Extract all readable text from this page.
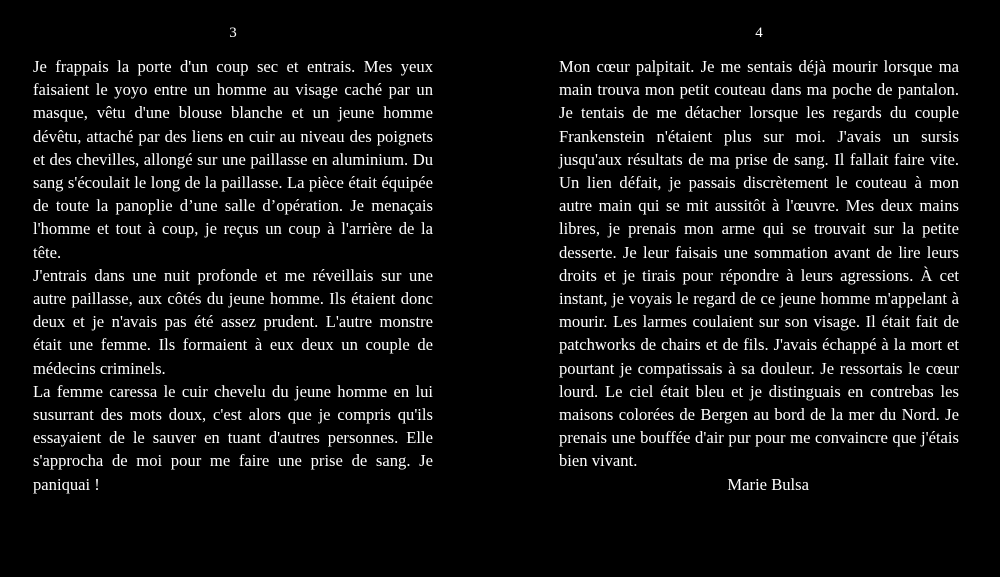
3

Je frappais la porte d'un coup sec et entrais. Mes yeux faisaient le yoyo entre un homme au visage caché par un masque, vêtu d'une blouse blanche et un jeune homme dévêtu, attaché par des liens en cuir au niveau des poignets et des chevilles, allongé sur une paillasse en aluminium. Du sang s'écoulait le long de la paillasse. La pièce était équipée de toute la panoplie d’une salle d’opération. Je menaçais l'homme et tout à coup, je reçus un coup à l'arrière de la tête.

J'entrais dans une nuit profonde et me réveillais sur une autre paillasse, aux côtés du jeune homme. Ils étaient donc deux et je n'avais pas été assez prudent. L'autre monstre était une femme. Ils formaient à eux deux un couple de médecins criminels.

La femme caressa le cuir chevelu du jeune homme en lui susurrant des mots doux, c'est alors que je compris qu'ils essayaient de le sauver en tuant d'autres personnes. Elle s'approcha de moi pour me faire une prise de sang. Je paniquai !

4

Mon cœur palpitait. Je me sentais déjà mourir lorsque ma main trouva mon petit couteau dans ma poche de pantalon. Je tentais de me détacher lorsque les regards du couple Frankenstein n'étaient plus sur moi. J'avais un sursis jusqu'aux résultats de ma prise de sang. Il fallait faire vite. Un lien défait, je passais discrètement le couteau à mon autre main qui se mit aussitôt à l'œuvre. Mes deux mains libres, je prenais mon arme qui se trouvait sur la petite desserte. Je leur faisais une sommation avant de lire leurs droits et je tirais pour répondre à leurs agressions. À cet instant, je voyais le regard de ce jeune homme m'appelant à mourir. Les larmes coulaient sur son visage. Il était fait de patchworks de chairs et de fils. J'avais échappé à la mort et pourtant je compatissais à sa douleur. Je ressortais le cœur lourd. Le ciel était bleu et je distinguais en contrebas les maisons colorées de Bergen au bord de la mer du Nord. Je prenais une bouffée d'air pur pour me convaincre que j'étais bien vivant.

Marie Bulsa
